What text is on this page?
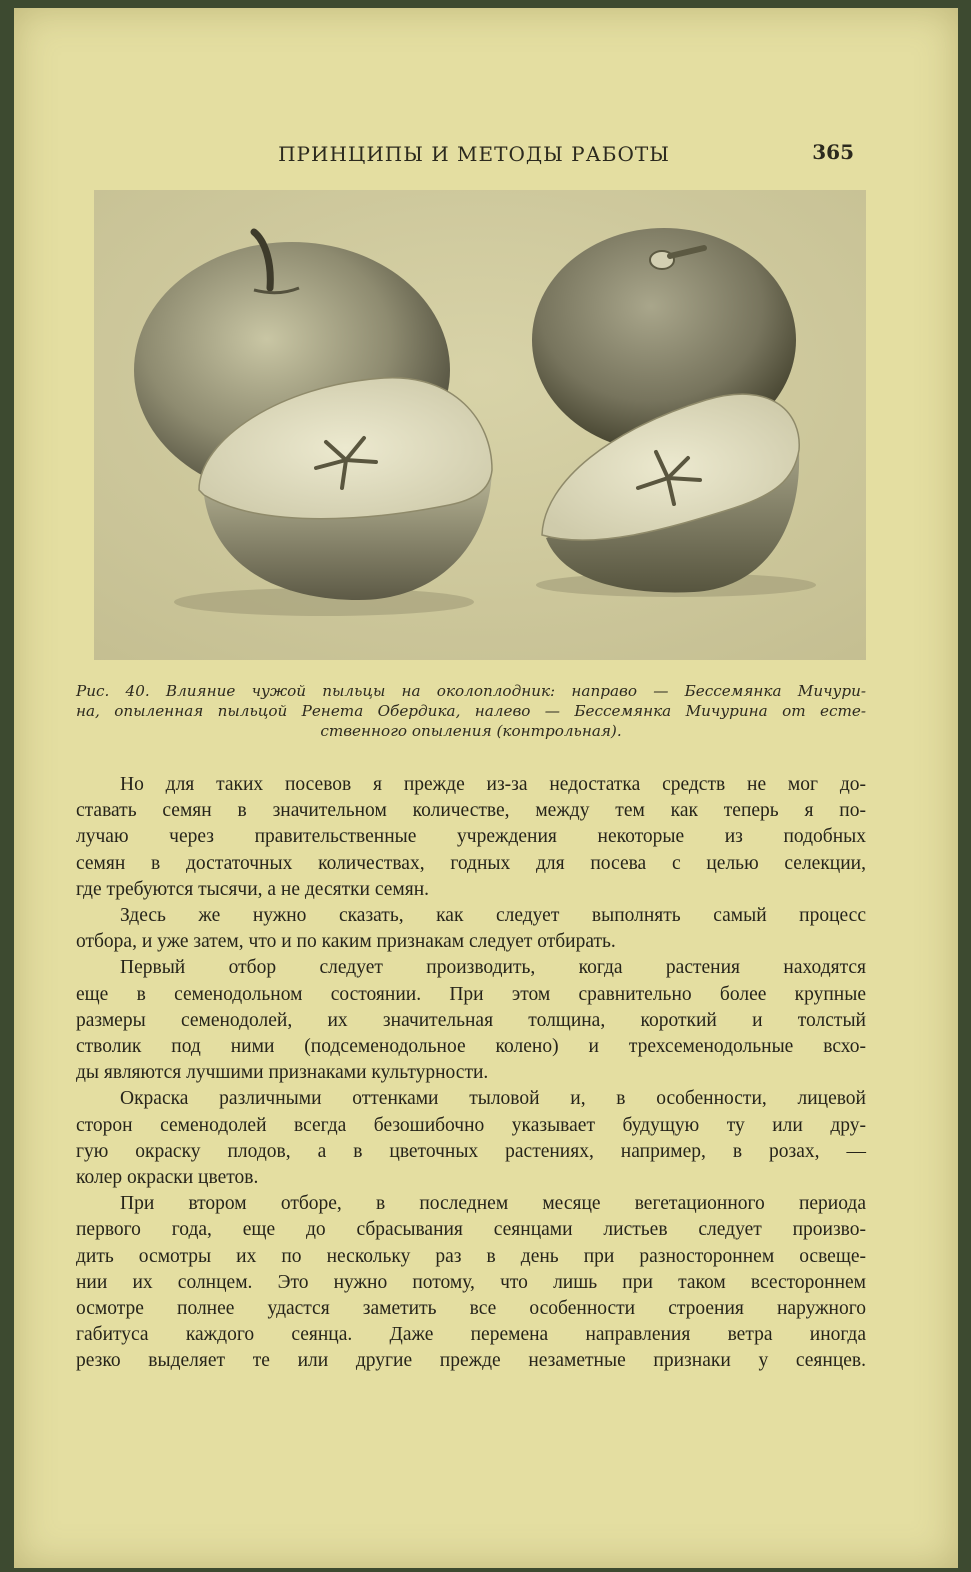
ПРИНЦИПЫ И МЕТОДЫ РАБОТЫ	365
Рис. 40. Влияние чужой пыльцы на околоплодник: направо — Бессемянка Мичури-
на, опыленная пыльцой Ренета Обердика, налево — Бессемянка Мичурина от есте-
ственного опыления (контрольная).
Но для таких посевов я прежде из-за недостатка средств не мог до-
ставать семян в значительном количестве, между тем как теперь я по-
лучаю через правительственные учреждения некоторые из подобных
семян в достаточных количествах, годных для посева с целью селекции,
где требуются тысячи, а не десятки семян.
Здесь же нужно сказать, как следует выполнять самый процесс
отбора, и уже затем, что и по каким признакам следует отбирать.
Первый отбор следует производить, когда растения находятся
еще в семенодольном состоянии. При этом сравнительно более крупные
размеры семенодолей, их значительная толщина, короткий и толстый
стволик под ними (подсеменодольное колено) и трехсеменодольные всхо-
ды являются лучшими признаками культурности.
Окраска различными оттенками тыловой и, в особенности, лицевой
сторон семенодолей всегда безошибочно указывает будущую ту или дру-
гую окраску плодов, а в цветочных растениях, например, в розах, —
колер окраски цветов.
При втором отборе, в последнем месяце вегетационного периода
первого года, еще до сбрасывания сеянцами листьев следует произво-
дить осмотры их по нескольку раз в день при разностороннем освеще-
нии их солнцем. Это нужно потому, что лишь при таком всестороннем
осмотре полнее удастся заметить все особенности строения наружного
габитуса каждого сеянца. Даже перемена направления ветра иногда
резко выделяет те или другие прежде незаметные признаки у сеянцев.
